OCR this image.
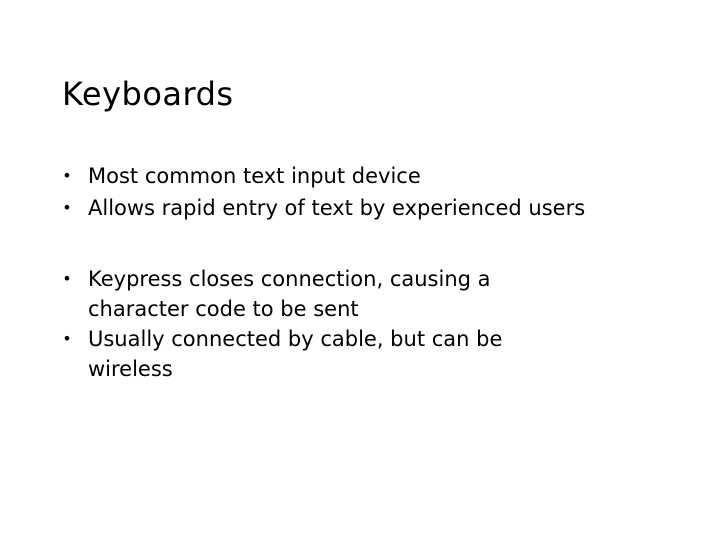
Keyboards
• Most common text input device
• Allows rapid entry of text by experienced users
• Keypress closes connection, causing a character code to be sent
• Usually connected by cable, but can be wireless
